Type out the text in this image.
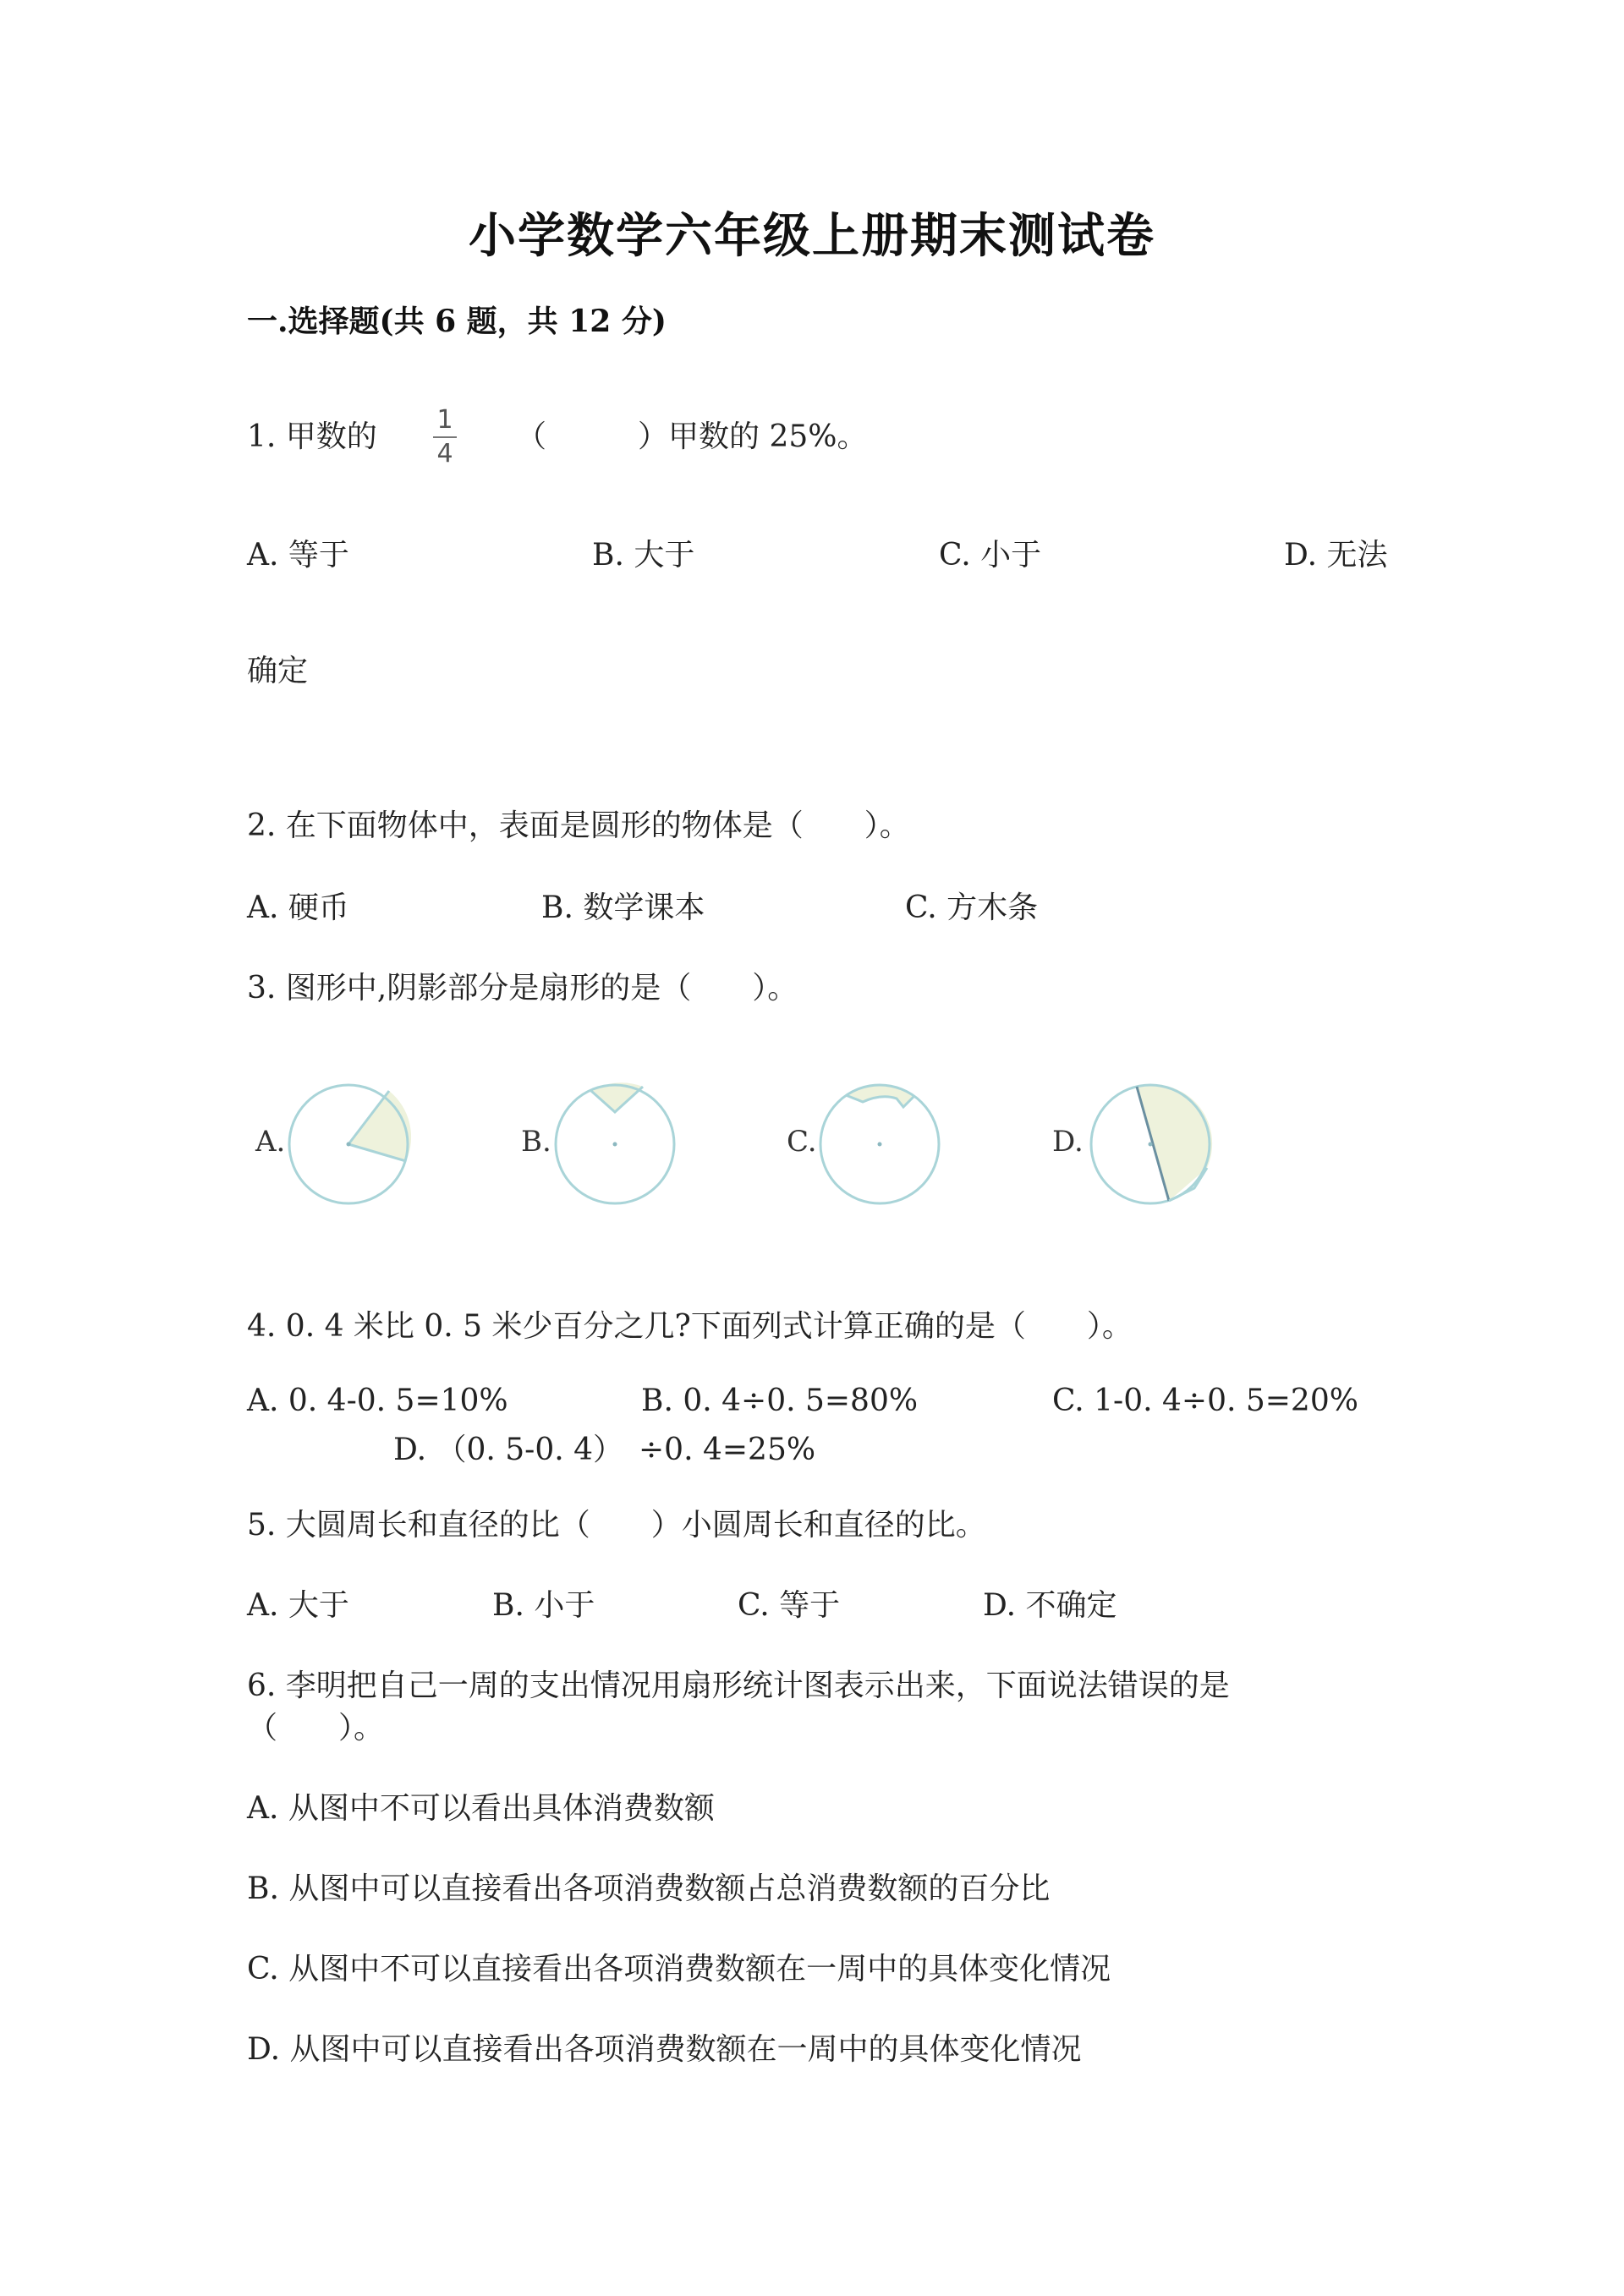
小学数学六年级上册期末测试卷
一.选择题(共 6 题，共 12 分)
1. 甲数的 1
4 （　　　）甲数的 25%。
A. 等于	B. 大于	C. 小于	D. 无法
确定
2. 在下面物体中，表面是圆形的物体是（　　）。
A. 硬币	B. 数学课本	C. 方木条
3. 图形中,阴影部分是扇形的是（　　）。
A.	B.	C.	D.
4. 0. 4 米比 0. 5 米少百分之几?下面列式计算正确的是（　　）。
A. 0. 4-0. 5=10%	B. 0. 4÷0. 5=80%	C. 1-0. 4÷0. 5=20%
D. （0. 5-0. 4）　÷0. 4=25%
5. 大圆周长和直径的比（　　）小圆周长和直径的比。
A. 大于	B. 小于	C. 等于	D. 不确定
6. 李明把自己一周的支出情况用扇形统计图表示出来，下面说法错误的是
（　　）。
A. 从图中不可以看出具体消费数额
B. 从图中可以直接看出各项消费数额占总消费数额的百分比
C. 从图中不可以直接看出各项消费数额在一周中的具体变化情况
D. 从图中可以直接看出各项消费数额在一周中的具体变化情况
